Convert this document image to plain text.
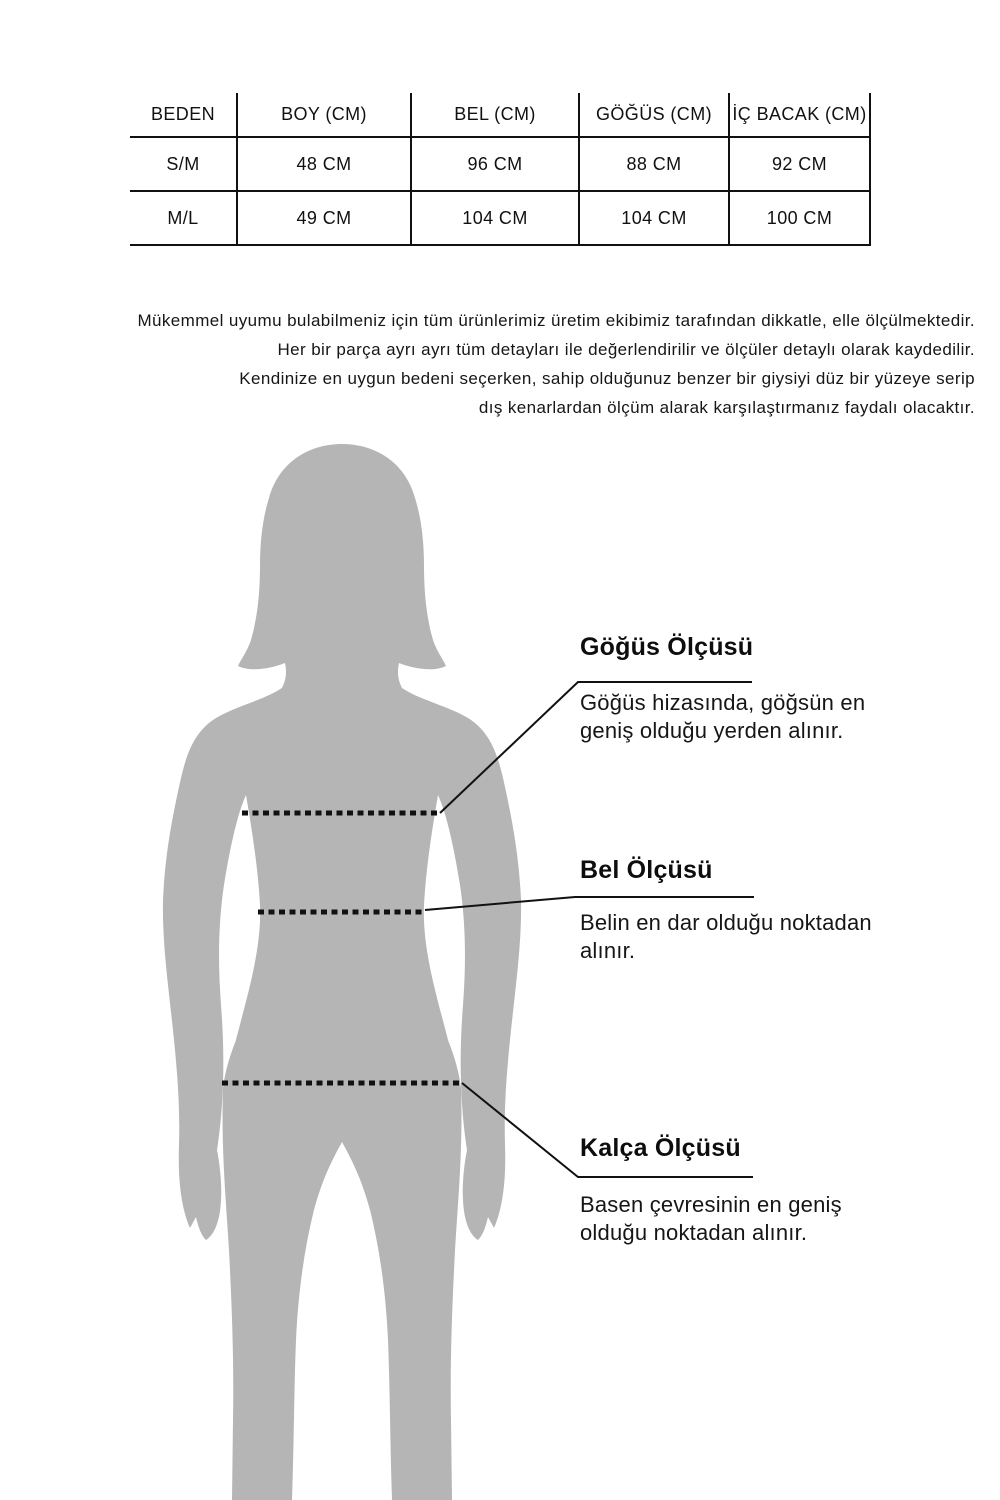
BEDEN	BOY (CM)	BEL (CM)	GÖĞÜS (CM)	İÇ BACAK (CM)
S/M	48 CM	96 CM	88 CM	92 CM
M/L	49 CM	104 CM	104 CM	100 CM
Mükemmel uyumu bulabilmeniz için tüm ürünlerimiz üretim ekibimiz tarafından dikkatle, elle ölçülmektedir.
Her bir parça ayrı ayrı tüm detayları ile değerlendirilir ve ölçüler detaylı olarak kaydedilir.
Kendinize en uygun bedeni seçerken, sahip olduğunuz benzer bir giysiyi düz bir yüzeye serip
dış kenarlardan ölçüm alarak karşılaştırmanız faydalı olacaktır.
Göğüs Ölçüsü

Göğüs hizasında, göğsün en geniş olduğu yerden alınır.

Bel Ölçüsü

Belin en dar olduğu noktadan alınır.

Kalça Ölçüsü

Basen çevresinin en geniş olduğu noktadan alınır.
